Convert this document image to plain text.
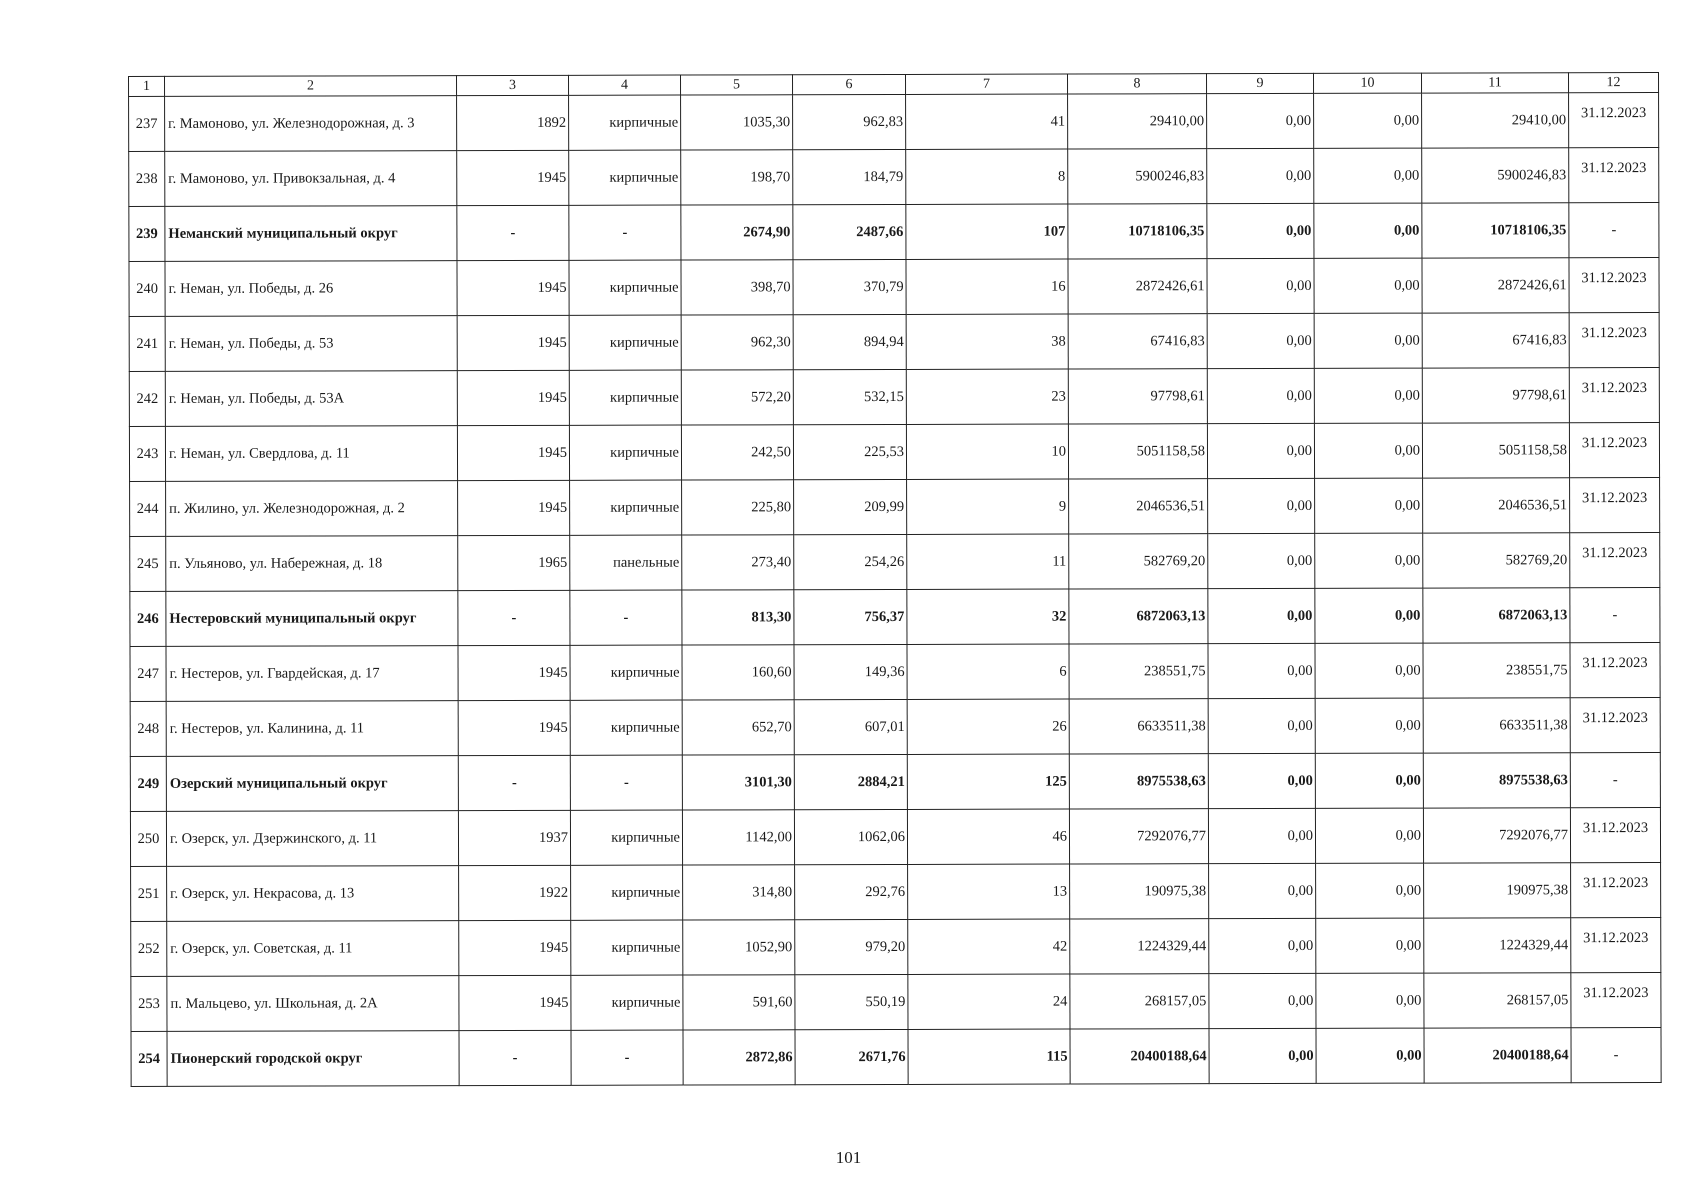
1	2	3	4	5	6	7	8	9	10	11	12
237	г. Мамоново, ул. Железнодорожная, д. 3	1892	кирпичные	1035,30	962,83	41	29410,00	0,00	0,00	29410,00	31.12.2023
238	г. Мамоново, ул. Привокзальная, д. 4	1945	кирпичные	198,70	184,79	8	5900246,83	0,00	0,00	5900246,83	31.12.2023
239	Неманский муниципальный округ	-	-	2674,90	2487,66	107	10718106,35	0,00	0,00	10718106,35	-
240	г. Неман, ул. Победы, д. 26	1945	кирпичные	398,70	370,79	16	2872426,61	0,00	0,00	2872426,61	31.12.2023
241	г. Неман, ул. Победы, д. 53	1945	кирпичные	962,30	894,94	38	67416,83	0,00	0,00	67416,83	31.12.2023
242	г. Неман, ул. Победы, д. 53А	1945	кирпичные	572,20	532,15	23	97798,61	0,00	0,00	97798,61	31.12.2023
243	г. Неман, ул. Свердлова, д. 11	1945	кирпичные	242,50	225,53	10	5051158,58	0,00	0,00	5051158,58	31.12.2023
244	п. Жилино, ул. Железнодорожная, д. 2	1945	кирпичные	225,80	209,99	9	2046536,51	0,00	0,00	2046536,51	31.12.2023
245	п. Ульяново, ул. Набережная, д. 18	1965	панельные	273,40	254,26	11	582769,20	0,00	0,00	582769,20	31.12.2023
246	Нестеровский муниципальный округ	-	-	813,30	756,37	32	6872063,13	0,00	0,00	6872063,13	-
247	г. Нестеров, ул. Гвардейская, д. 17	1945	кирпичные	160,60	149,36	6	238551,75	0,00	0,00	238551,75	31.12.2023
248	г. Нестеров, ул. Калинина, д. 11	1945	кирпичные	652,70	607,01	26	6633511,38	0,00	0,00	6633511,38	31.12.2023
249	Озерский муниципальный округ	-	-	3101,30	2884,21	125	8975538,63	0,00	0,00	8975538,63	-
250	г. Озерск, ул. Дзержинского, д. 11	1937	кирпичные	1142,00	1062,06	46	7292076,77	0,00	0,00	7292076,77	31.12.2023
251	г. Озерск, ул. Некрасова, д. 13	1922	кирпичные	314,80	292,76	13	190975,38	0,00	0,00	190975,38	31.12.2023
252	г. Озерск, ул. Советская, д. 11	1945	кирпичные	1052,90	979,20	42	1224329,44	0,00	0,00	1224329,44	31.12.2023
253	п. Мальцево, ул. Школьная, д. 2А	1945	кирпичные	591,60	550,19	24	268157,05	0,00	0,00	268157,05	31.12.2023
254	Пионерский городской округ	-	-	2872,86	2671,76	115	20400188,64	0,00	0,00	20400188,64	-
101
